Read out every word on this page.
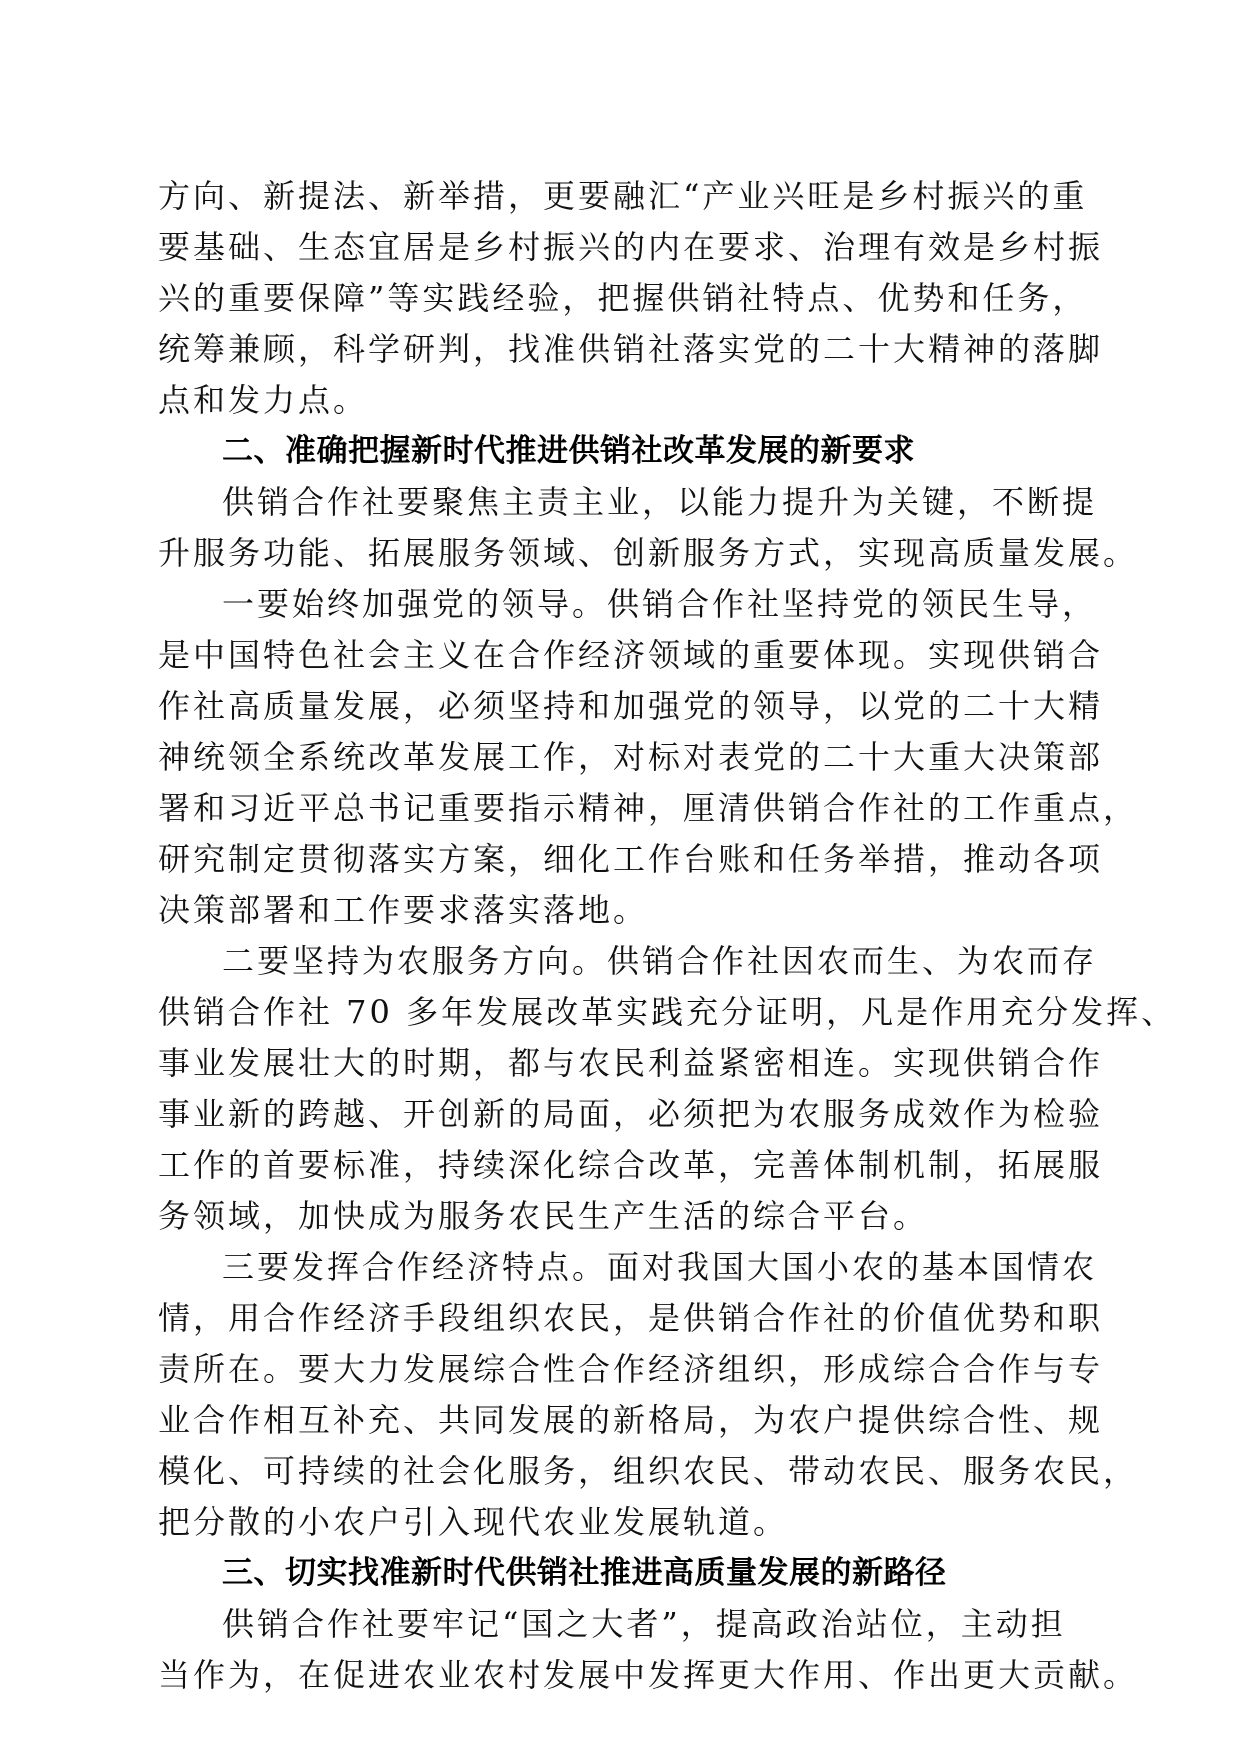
方向、新提法、新举措，更要融汇“产业兴旺是乡村振兴的重
要基础、生态宜居是乡村振兴的内在要求、治理有效是乡村振
兴的重要保障”等实践经验，把握供销社特点、优势和任务，
统筹兼顾，科学研判，找准供销社落实党的二十大精神的落脚
点和发力点。
二、准确把握新时代推进供销社改革发展的新要求
供销合作社要聚焦主责主业，以能力提升为关键，不断提
升服务功能、拓展服务领域、创新服务方式，实现高质量发展。
一要始终加强党的领导。供销合作社坚持党的领民生导，
是中国特色社会主义在合作经济领域的重要体现。实现供销合
作社高质量发展，必须坚持和加强党的领导，以党的二十大精
神统领全系统改革发展工作，对标对表党的二十大重大决策部
署和习近平总书记重要指示精神，厘清供销合作社的工作重点，
研究制定贯彻落实方案，细化工作台账和任务举措，推动各项
决策部署和工作要求落实落地。
二要坚持为农服务方向。供销合作社因农而生、为农而存
供销合作社 70 多年发展改革实践充分证明，凡是作用充分发挥、
事业发展壮大的时期，都与农民利益紧密相连。实现供销合作
事业新的跨越、开创新的局面，必须把为农服务成效作为检验
工作的首要标准，持续深化综合改革，完善体制机制，拓展服
务领域，加快成为服务农民生产生活的综合平台。
三要发挥合作经济特点。面对我国大国小农的基本国情农
情，用合作经济手段组织农民，是供销合作社的价值优势和职
责所在。要大力发展综合性合作经济组织，形成综合合作与专
业合作相互补充、共同发展的新格局，为农户提供综合性、规
模化、可持续的社会化服务，组织农民、带动农民、服务农民，
把分散的小农户引入现代农业发展轨道。
三、切实找准新时代供销社推进高质量发展的新路径
供销合作社要牢记“国之大者”，提高政治站位，主动担
当作为，在促进农业农村发展中发挥更大作用、作出更大贡献。
